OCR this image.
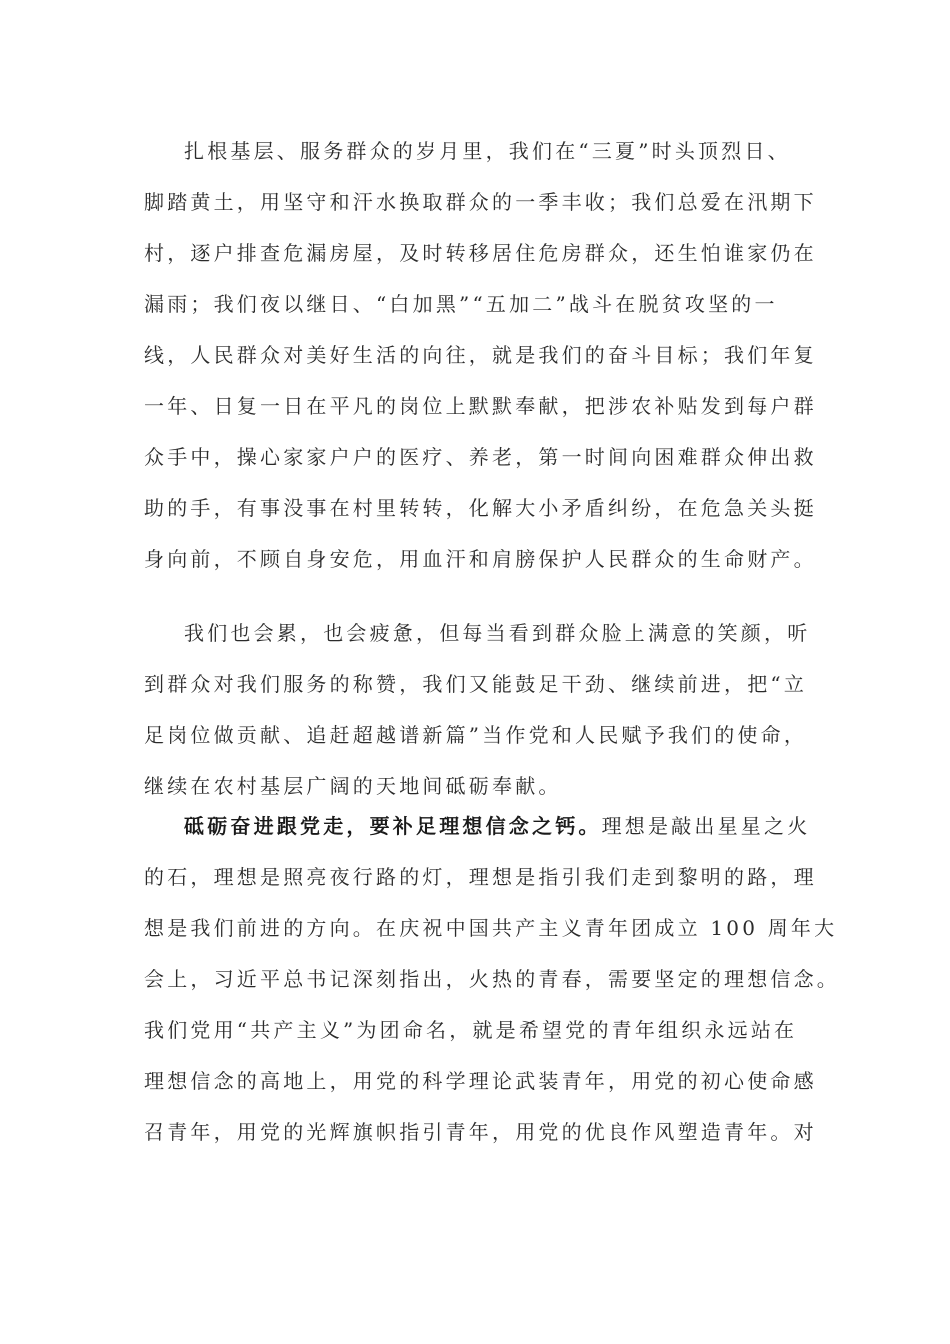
扎根基层、服务群众的岁月里，我们在“三夏”时头顶烈日、
脚踏黄土，用坚守和汗水换取群众的一季丰收；我们总爱在汛期下
村，逐户排查危漏房屋，及时转移居住危房群众，还生怕谁家仍在
漏雨；我们夜以继日、“白加黑”“五加二”战斗在脱贫攻坚的一
线，人民群众对美好生活的向往，就是我们的奋斗目标；我们年复
一年、日复一日在平凡的岗位上默默奉献，把涉农补贴发到每户群
众手中，操心家家户户的医疗、养老，第一时间向困难群众伸出救
助的手，有事没事在村里转转，化解大小矛盾纠纷，在危急关头挺
身向前，不顾自身安危，用血汗和肩膀保护人民群众的生命财产。
我们也会累，也会疲惫，但每当看到群众脸上满意的笑颜，听
到群众对我们服务的称赞，我们又能鼓足干劲、继续前进，把“立
足岗位做贡献、追赶超越谱新篇”当作党和人民赋予我们的使命，
继续在农村基层广阔的天地间砥砺奉献。
砥砺奋进跟党走，要补足理想信念之钙。理想是敲出星星之火
的石，理想是照亮夜行路的灯，理想是指引我们走到黎明的路，理
想是我们前进的方向。在庆祝中国共产主义青年团成立 100 周年大
会上，习近平总书记深刻指出，火热的青春，需要坚定的理想信念。
我们党用“共产主义”为团命名，就是希望党的青年组织永远站在
理想信念的高地上，用党的科学理论武装青年，用党的初心使命感
召青年，用党的光辉旗帜指引青年，用党的优良作风塑造青年。对
